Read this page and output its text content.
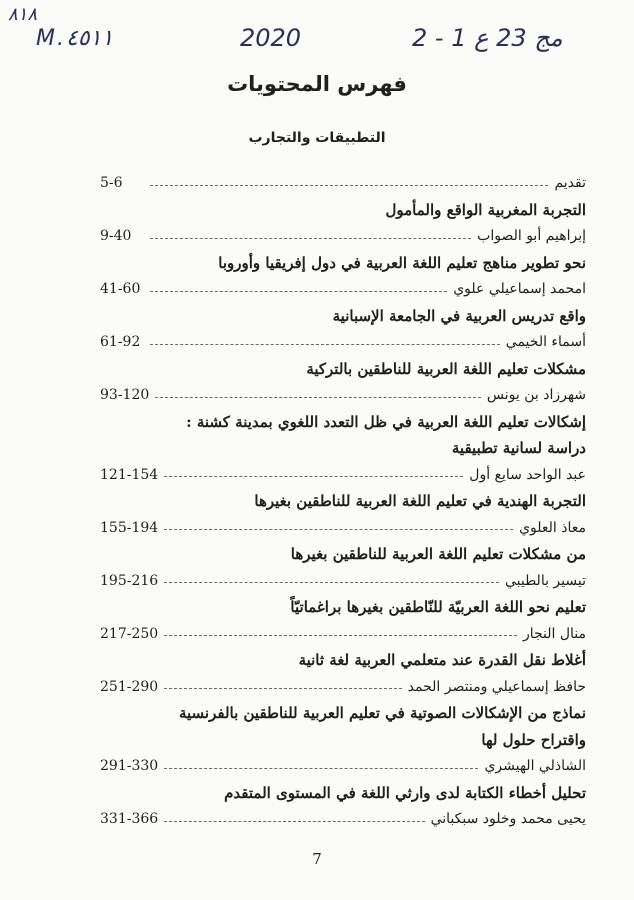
٨١٨
M.٤٥١١	2020	مج 23 ع 1 - 2
فهرس المحتويات
التطبيقات والتجارب
تقديم
5-6
التجربة المغربية الواقع والمأمول
إبراهيم أبو الصواب
9-40
نحو تطوير مناهج تعليم اللغة العربية في دول إفريقيا وأوروبا
امحمد إسماعيلي علوي
41-60
واقع تدريس العربية في الجامعة الإسبانية
أسماء الخيمي
61-92
مشكلات تعليم اللغة العربية للناطقين بالتركية
شهرزاد بن يونس
93-120
إشكالات تعليم اللغة العربية في ظل التعدد اللغوي بمدينة كشنة :
دراسة لسانية تطبيقية
عبد الواحد سايع أول
121-154
التجربة الهندية في تعليم اللغة العربية للناطقين بغيرها
معاذ العلوي
155-194
من مشكلات تعليم اللغة العربية للناطقين بغيرها
تيسير بالطيبي
195-216
تعليم نحو اللغة العربيّة للنّاطقين بغيرها براغماتيّاً
منال النجار
217-250
أغلاط نقل القدرة عند متعلمي العربية لغة ثانية
حافظ إسماعيلي ومنتصر الحمد
251-290
نماذج من الإشكالات الصوتية في تعليم العربية للناطقين بالفرنسية
واقتراح حلول لها
الشاذلي الهيشري
291-330
تحليل أخطاء الكتابة لدى وارثي اللغة في المستوى المتقدم
يحيى محمد وخلود سبكباني
331-366
7
